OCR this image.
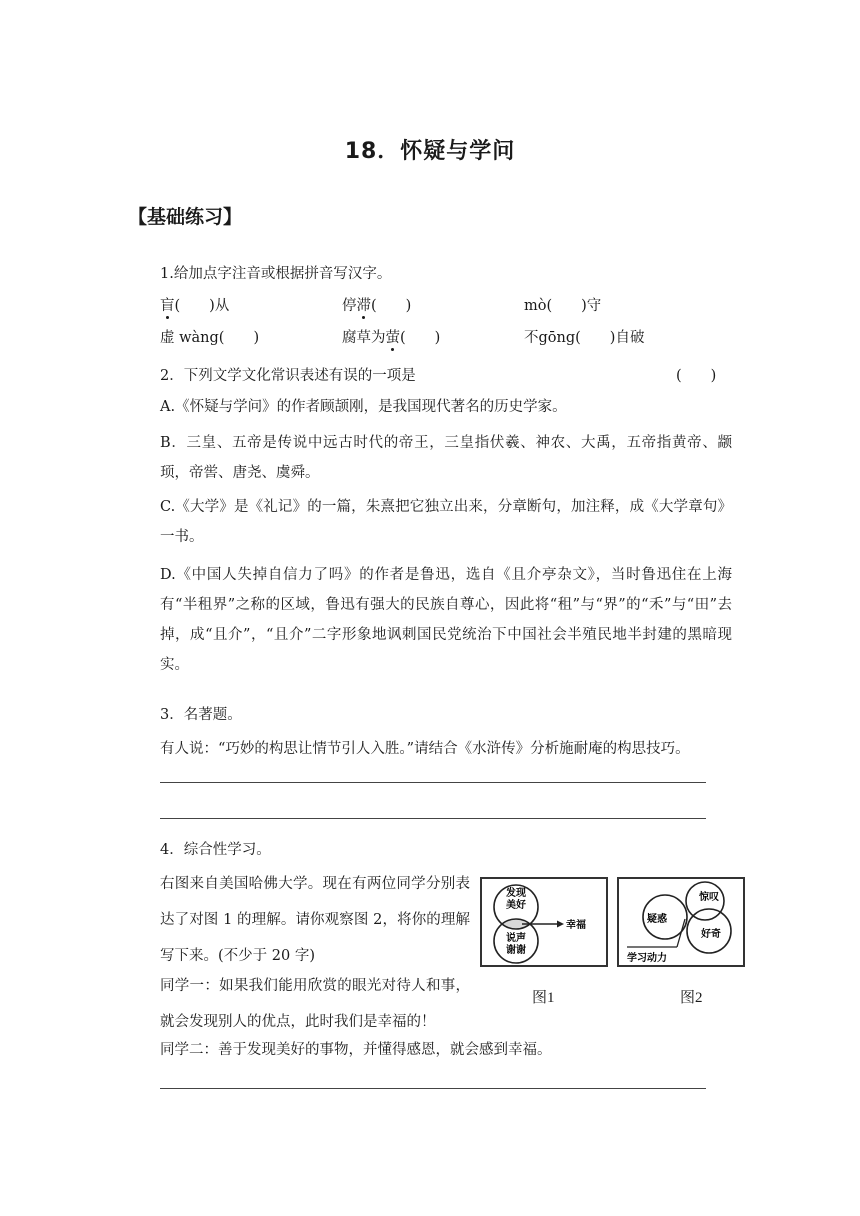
18．怀疑与学问
【基础练习】
1.给加点字注音或根据拼音写汉字。
盲(　　)从	停滞(　　)	mò(　　)守
虚 wàng(　　)	腐草为萤(　　)	不gōng(　　)自破
2．下列文学文化常识表述有误的一项是	(　　)
A.《怀疑与学问》的作者顾颉刚，是我国现代著名的历史学家。
B．三皇、五帝是传说中远古时代的帝王，三皇指伏羲、神农、大禹，五帝指黄帝、颛顼，帝喾、唐尧、虞舜。
C.《大学》是《礼记》的一篇，朱熹把它独立出来，分章断句，加注释，成《大学章句》一书。
D.《中国人失掉自信力了吗》的作者是鲁迅，选自《且介亭杂文》，当时鲁迅住在上海有“半租界”之称的区域，鲁迅有强大的民族自尊心，因此将“租”与“界”的“禾”与“田”去掉，成“且介”，“且介”二字形象地讽刺国民党统治下中国社会半殖民地半封建的黑暗现实。
3．名著题。
有人说：“巧妙的构思让情节引人入胜。”请结合《水浒传》分析施耐庵的构思技巧。
4．综合性学习。
右图来自美国哈佛大学。现在有两位同学分别表达了对图 1 的理解。请你观察图 2，将你的理解写下来。(不少于 20 字)
同学一：如果我们能用欣赏的眼光对待人和事，就会发现别人的优点，此时我们是幸福的！
同学二：善于发现美好的事物，并懂得感恩，就会感到幸福。
发现
美好
说声
谢谢
幸福
图1
疑惑
惊叹
好奇
学习动力
图2
